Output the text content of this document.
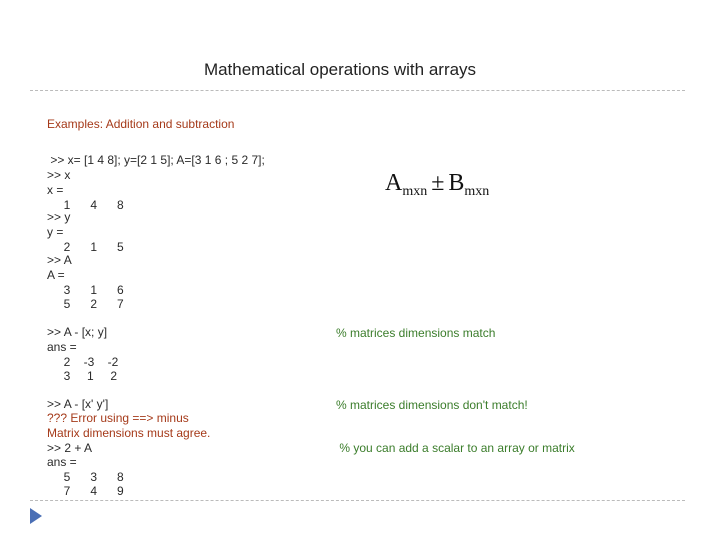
Mathematical operations with arrays
Examples: Addition and subtraction
>> x= [1 4 8]; y=[2 1 5]; A=[3 1 6 ; 5 2 7];
>> x
x =
1      4      8
>> y
y =
2      1      5
>> A
A =
3      1      6
5      2      7
>> A - [x; y]
ans =
2    -3    -2
3     1     2
>> A - [x' y']
??? Error using ==> minus
Matrix dimensions must agree.
>> 2 + A
ans =
5      3      8
7      4      9
$A_{mxn} \pm B_{mxn}$
% matrices dimensions match
% matrices dimensions don't match!
% you can add a scalar to an array or matrix
